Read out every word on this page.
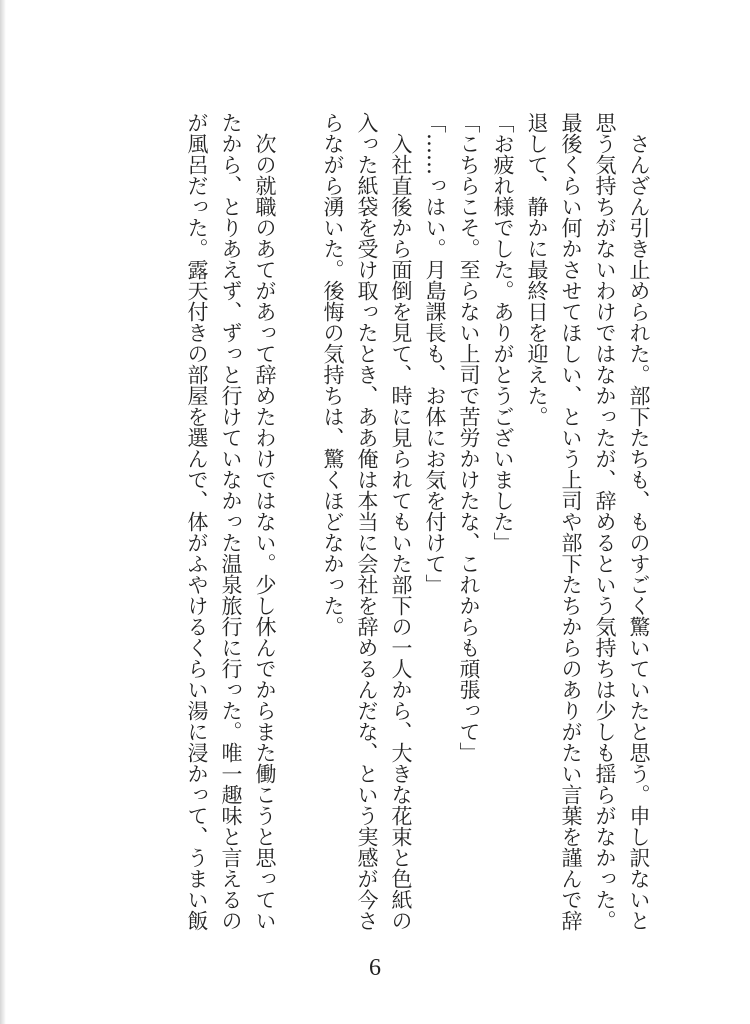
　さんざん引き止められた。部下たちも、ものすごく驚いていたと思う。申し訳ないと
思う気持ちがないわけではなかったが、辞めるという気持ちは少しも揺らがなかった。
最後くらい何かさせてほしい、という上司や部下たちからのありがたい言葉を謹んで辞
退して、静かに最終日を迎えた。
「お疲れ様でした。ありがとうございました」
「こちらこそ。至らない上司で苦労かけたな、これからも頑張って」
「……っはい。月島課長も、お体にお気を付けて」
　入社直後から面倒を見て、時に見られてもいた部下の一人から、大きな花束と色紙の
入った紙袋を受け取ったとき、ああ俺は本当に会社を辞めるんだな、という実感が今さ
らながら湧いた。後悔の気持ちは、驚くほどなかった。
　次の就職のあてがあって辞めたわけではない。少し休んでからまた働こうと思ってい
たから、とりあえず、ずっと行けていなかった温泉旅行に行った。唯一趣味と言えるの
が風呂だった。露天付きの部屋を選んで、体がふやけるくらい湯に浸かって、うまい飯
6
